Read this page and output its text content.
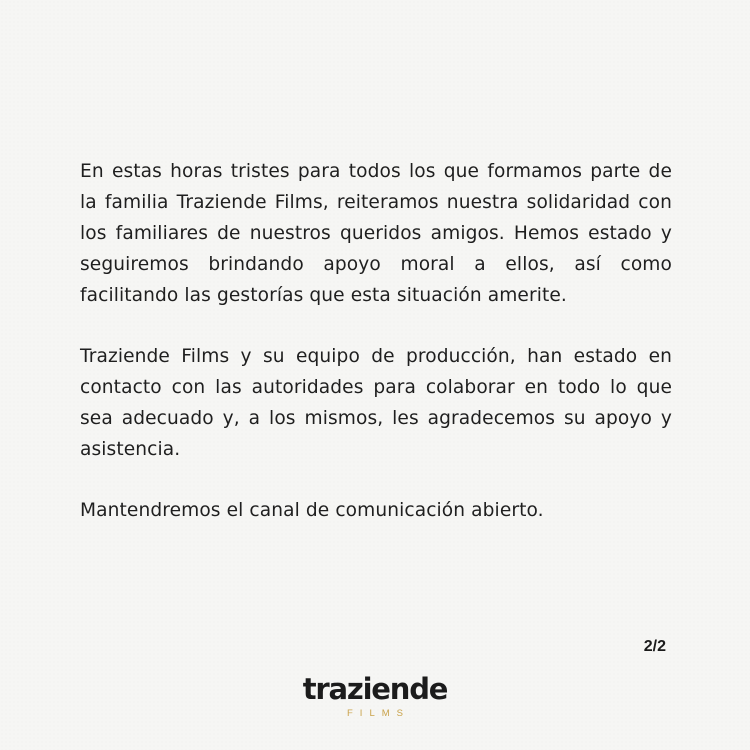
En estas horas tristes para todos los que formamos parte de la familia Traziende Films, reiteramos nuestra solidaridad con los familiares de nuestros queridos amigos. Hemos estado y seguiremos brindando apoyo moral a ellos, así como facilitando las gestorías que esta situación amerite.

Traziende Films y su equipo de producción, han estado en contacto con las autoridades para colaborar en todo lo que sea adecuado y, a los mismos, les agradecemos su apoyo y asistencia.

Mantendremos el canal de comunicación abierto.

2/2
traziende
FILMS
